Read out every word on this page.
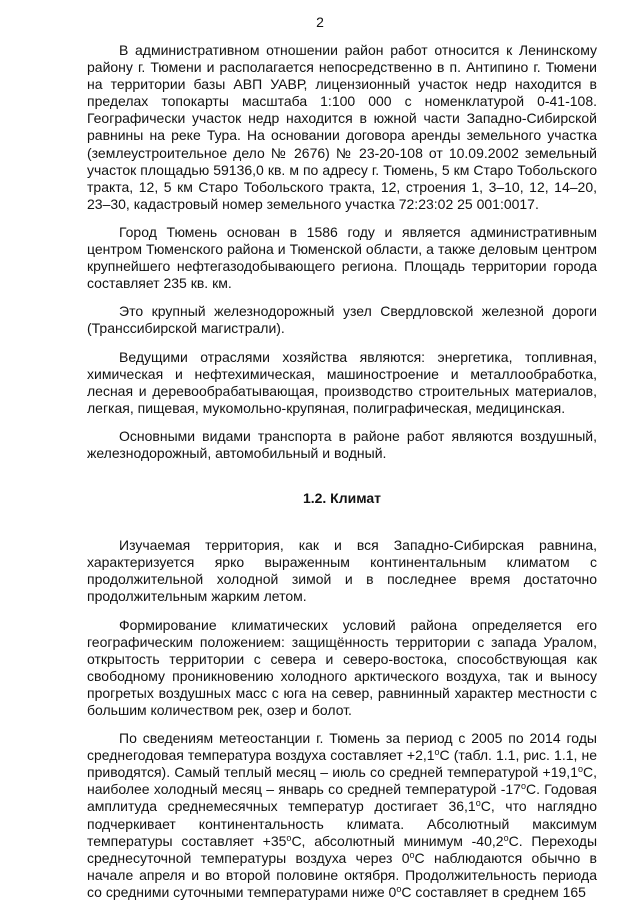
2

В административном отношении район работ относится к Ленинскому району г. Тюмени и располагается непосредственно в п. Антипино г. Тюмени на территории базы АВП УАВР, лицензионный участок недр находится в пределах топокарты масштаба 1:100 000 с номенклатурой 0-41-108. Географически участок недр находится в южной части Западно-Сибирской равнины на реке Тура. На основании договора аренды земельного участка (землеустроительное дело № 2676) № 23-20-108 от 10.09.2002 земельный участок площадью 59136,0 кв. м по адресу г. Тюмень, 5 км Старо Тобольского тракта, 12, 5 км Старо Тобольского тракта, 12, строения 1, 3–10, 12, 14–20, 23–30, кадастровый номер земельного участка 72:23:02 25 001:0017.

Город Тюмень основан в 1586 году и является административным центром Тюменского района и Тюменской области, а также деловым центром крупнейшего нефтегазодобывающего региона. Площадь территории города составляет 235 кв. км.

Это крупный железнодорожный узел Свердловской железной дороги (Транссибирской магистрали).

Ведущими отраслями хозяйства являются: энергетика, топливная, химическая и нефтехимическая, машиностроение и металлообработка, лесная и деревообрабатывающая, производство строительных материалов, легкая, пищевая, мукомольно-крупяная, полиграфическая, медицинская.

Основными видами транспорта в районе работ являются воздушный, железнодорожный, автомобильный и водный.

1.2. Климат

Изучаемая территория, как и вся Западно-Сибирская равнина, характеризуется ярко выраженным континентальным климатом с продолжительной холодной зимой и в последнее время достаточно продолжительным жарким летом.

Формирование климатических условий района определяется его географическим положением: защищённость территории с запада Уралом, открытость территории с севера и северо-востока, способствующая как свободному проникновению холодного арктического воздуха, так и выносу прогретых воздушных масс с юга на север, равнинный характер местности с большим количеством рек, озер и болот.

По сведениям метеостанции г. Тюмень за период с 2005 по 2014 годы среднегодовая температура воздуха составляет $+2,1^oС$ (табл. 1.1, рис. 1.1, не приводятся). Самый теплый месяц – июль со средней температурой $+19,1^oС$, наиболее холодный месяц – январь со средней температурой -17$^o$С. Годовая амплитуда среднемесячных температур достигает 36,1$^o$С, что наглядно подчеркивает континентальность климата. Абсолютный максимум температуры составляет $+35^oС$, абсолютный минимум -40,2$^o$С. Переходы среднесуточной температуры воздуха через 0$^o$С наблюдаются обычно в начале апреля и во второй половине октября. Продолжительность периода со средними суточными температурами ниже 0$^o$С составляет в среднем 165
